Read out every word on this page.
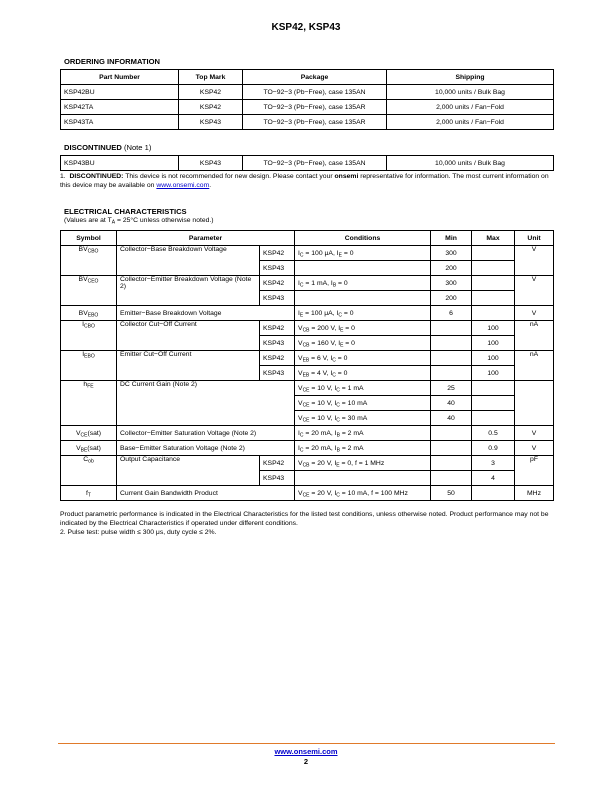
KSP42, KSP43
ORDERING INFORMATION
Part Number	Top Mark	Package	Shipping
KSP42BU	KSP42	TO−92−3 (Pb−Free), case 135AN	10,000 units / Bulk Bag
KSP42TA	KSP42	TO−92−3 (Pb−Free), case 135AR	2,000 units / Fan−Fold
KSP43TA	KSP43	TO−92−3 (Pb−Free), case 135AR	2,000 units / Fan−Fold
DISCONTINUED (Note 1)
KSP43BU	KSP43	TO−92−3 (Pb−Free), case 135AN	10,000 units / Bulk Bag
1. DISCONTINUED: This device is not recommended for new design. Please contact your onsemi representative for information. The most current information on this device may be available on www.onsemi.com.
ELECTRICAL CHARACTERISTICS
(Values are at $T_A = 25^\circ C$ unless otherwise noted.)
Symbol	Parameter		Conditions	Min	Max	Unit
$BV_{CBO}$	Collector−Base Breakdown Voltage	KSP42	$I_C = 100$ μA, $I_E = 0$	300		V
		KSP43		200		
$BV_{CEO}$	Collector−Emitter Breakdown Voltage (Note 2)	KSP42	$I_C = 1$ mA, $I_B = 0$	300		V
		KSP43		200		
$BV_{EBO}$	Emitter−Base Breakdown Voltage		$I_E = 100$ μA, $I_C = 0$	6		V
$I_{CBO}$	Collector Cut−Off Current	KSP42	$V_{CB} = 200$ V, $I_E = 0$		100	nA
		KSP43	$V_{CB} = 160$ V, $I_E = 0$		100	
$I_{EBO}$	Emitter Cut−Off Current	KSP42	$V_{EB} = 6$ V, $I_C = 0$		100	nA
		KSP43	$V_{EB} = 4$ V, $I_C = 0$		100	
$h_{FE}$	DC Current Gain (Note 2)		$V_{CE} = 10$ V, $I_C = 1$ mA	25		
			$V_{CE} = 10$ V, $I_C = 10$ mA	40		
			$V_{CE} = 10$ V, $I_C = 30$ mA	40		
$V_{CE}(sat)$	Collector−Emitter Saturation Voltage (Note 2)		$I_C = 20$ mA, $I_B = 2$ mA		0.5	V
$V_{BE}(sat)$	Base−Emitter Saturation Voltage (Note 2)		$I_C = 20$ mA, $I_B = 2$ mA		0.9	V
$C_{ob}$	Output Capacitance	KSP42	$V_{CB} = 20$ V, $I_E = 0$, f = 1 MHz		3	pF
		KSP43			4	
$f_T$	Current Gain Bandwidth Product		$V_{CE} = 20$ V, $I_C = 10$ mA, f = 100 MHz	50		MHz
Product parametric performance is indicated in the Electrical Characteristics for the listed test conditions, unless otherwise noted. Product performance may not be indicated by the Electrical Characteristics if operated under different conditions.
2. Pulse test: pulse width ≤ 300 μs, duty cycle ≤ 2%.
www.onsemi.com
2
